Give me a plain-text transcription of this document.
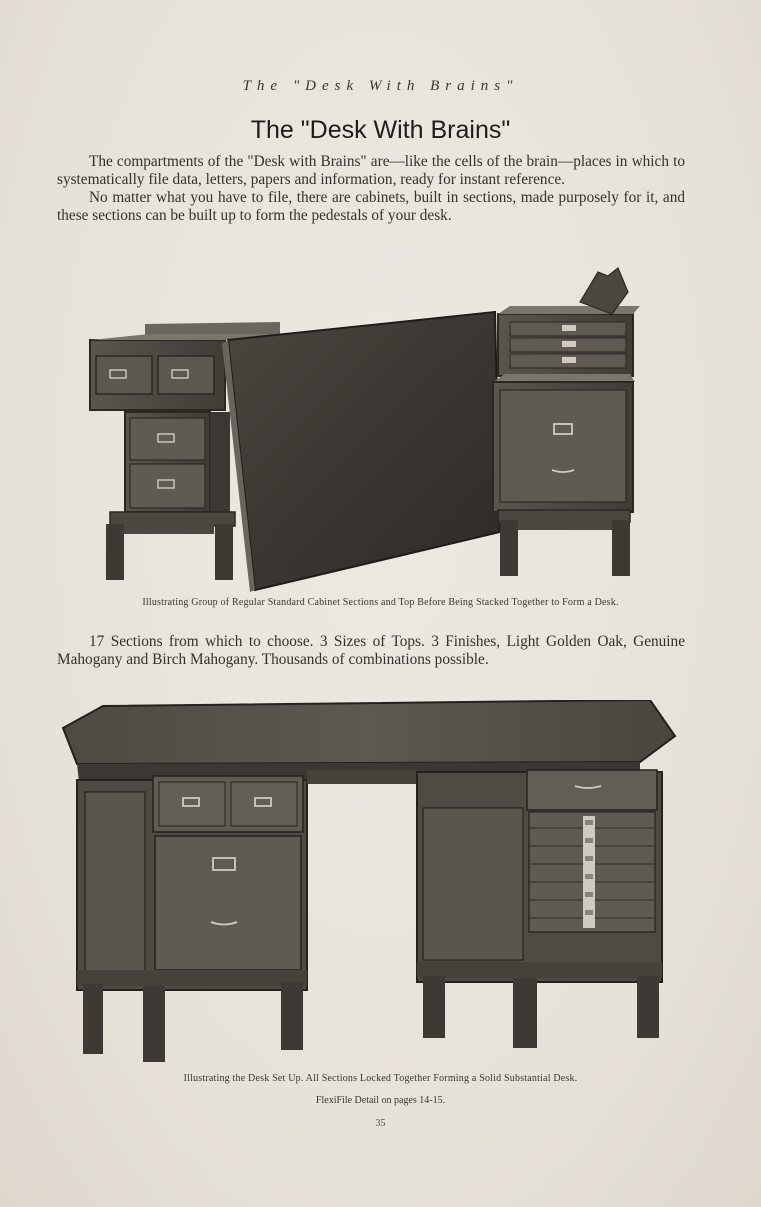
The "Desk With Brains"
The "Desk With Brains"

The compartments of the "Desk with Brains" are—like the cells of the brain—places in which to systematically file data, letters, papers and information, ready for instant reference.

No matter what you have to file, there are cabinets, built in sections, made purposely for it, and these sections can be built up to form the pedestals of your desk.

Illustrating Group of Regular Standard Cabinet Sections and Top Before Being Stacked Together to Form a Desk.

17 Sections from which to choose. 3 Sizes of Tops. 3 Finishes, Light Golden Oak, Genuine Mahogany and Birch Mahogany. Thousands of combinations possible.

Illustrating the Desk Set Up. All Sections Locked Together Forming a Solid Substantial Desk.
FlexiFile Detail on pages 14-15.
35
